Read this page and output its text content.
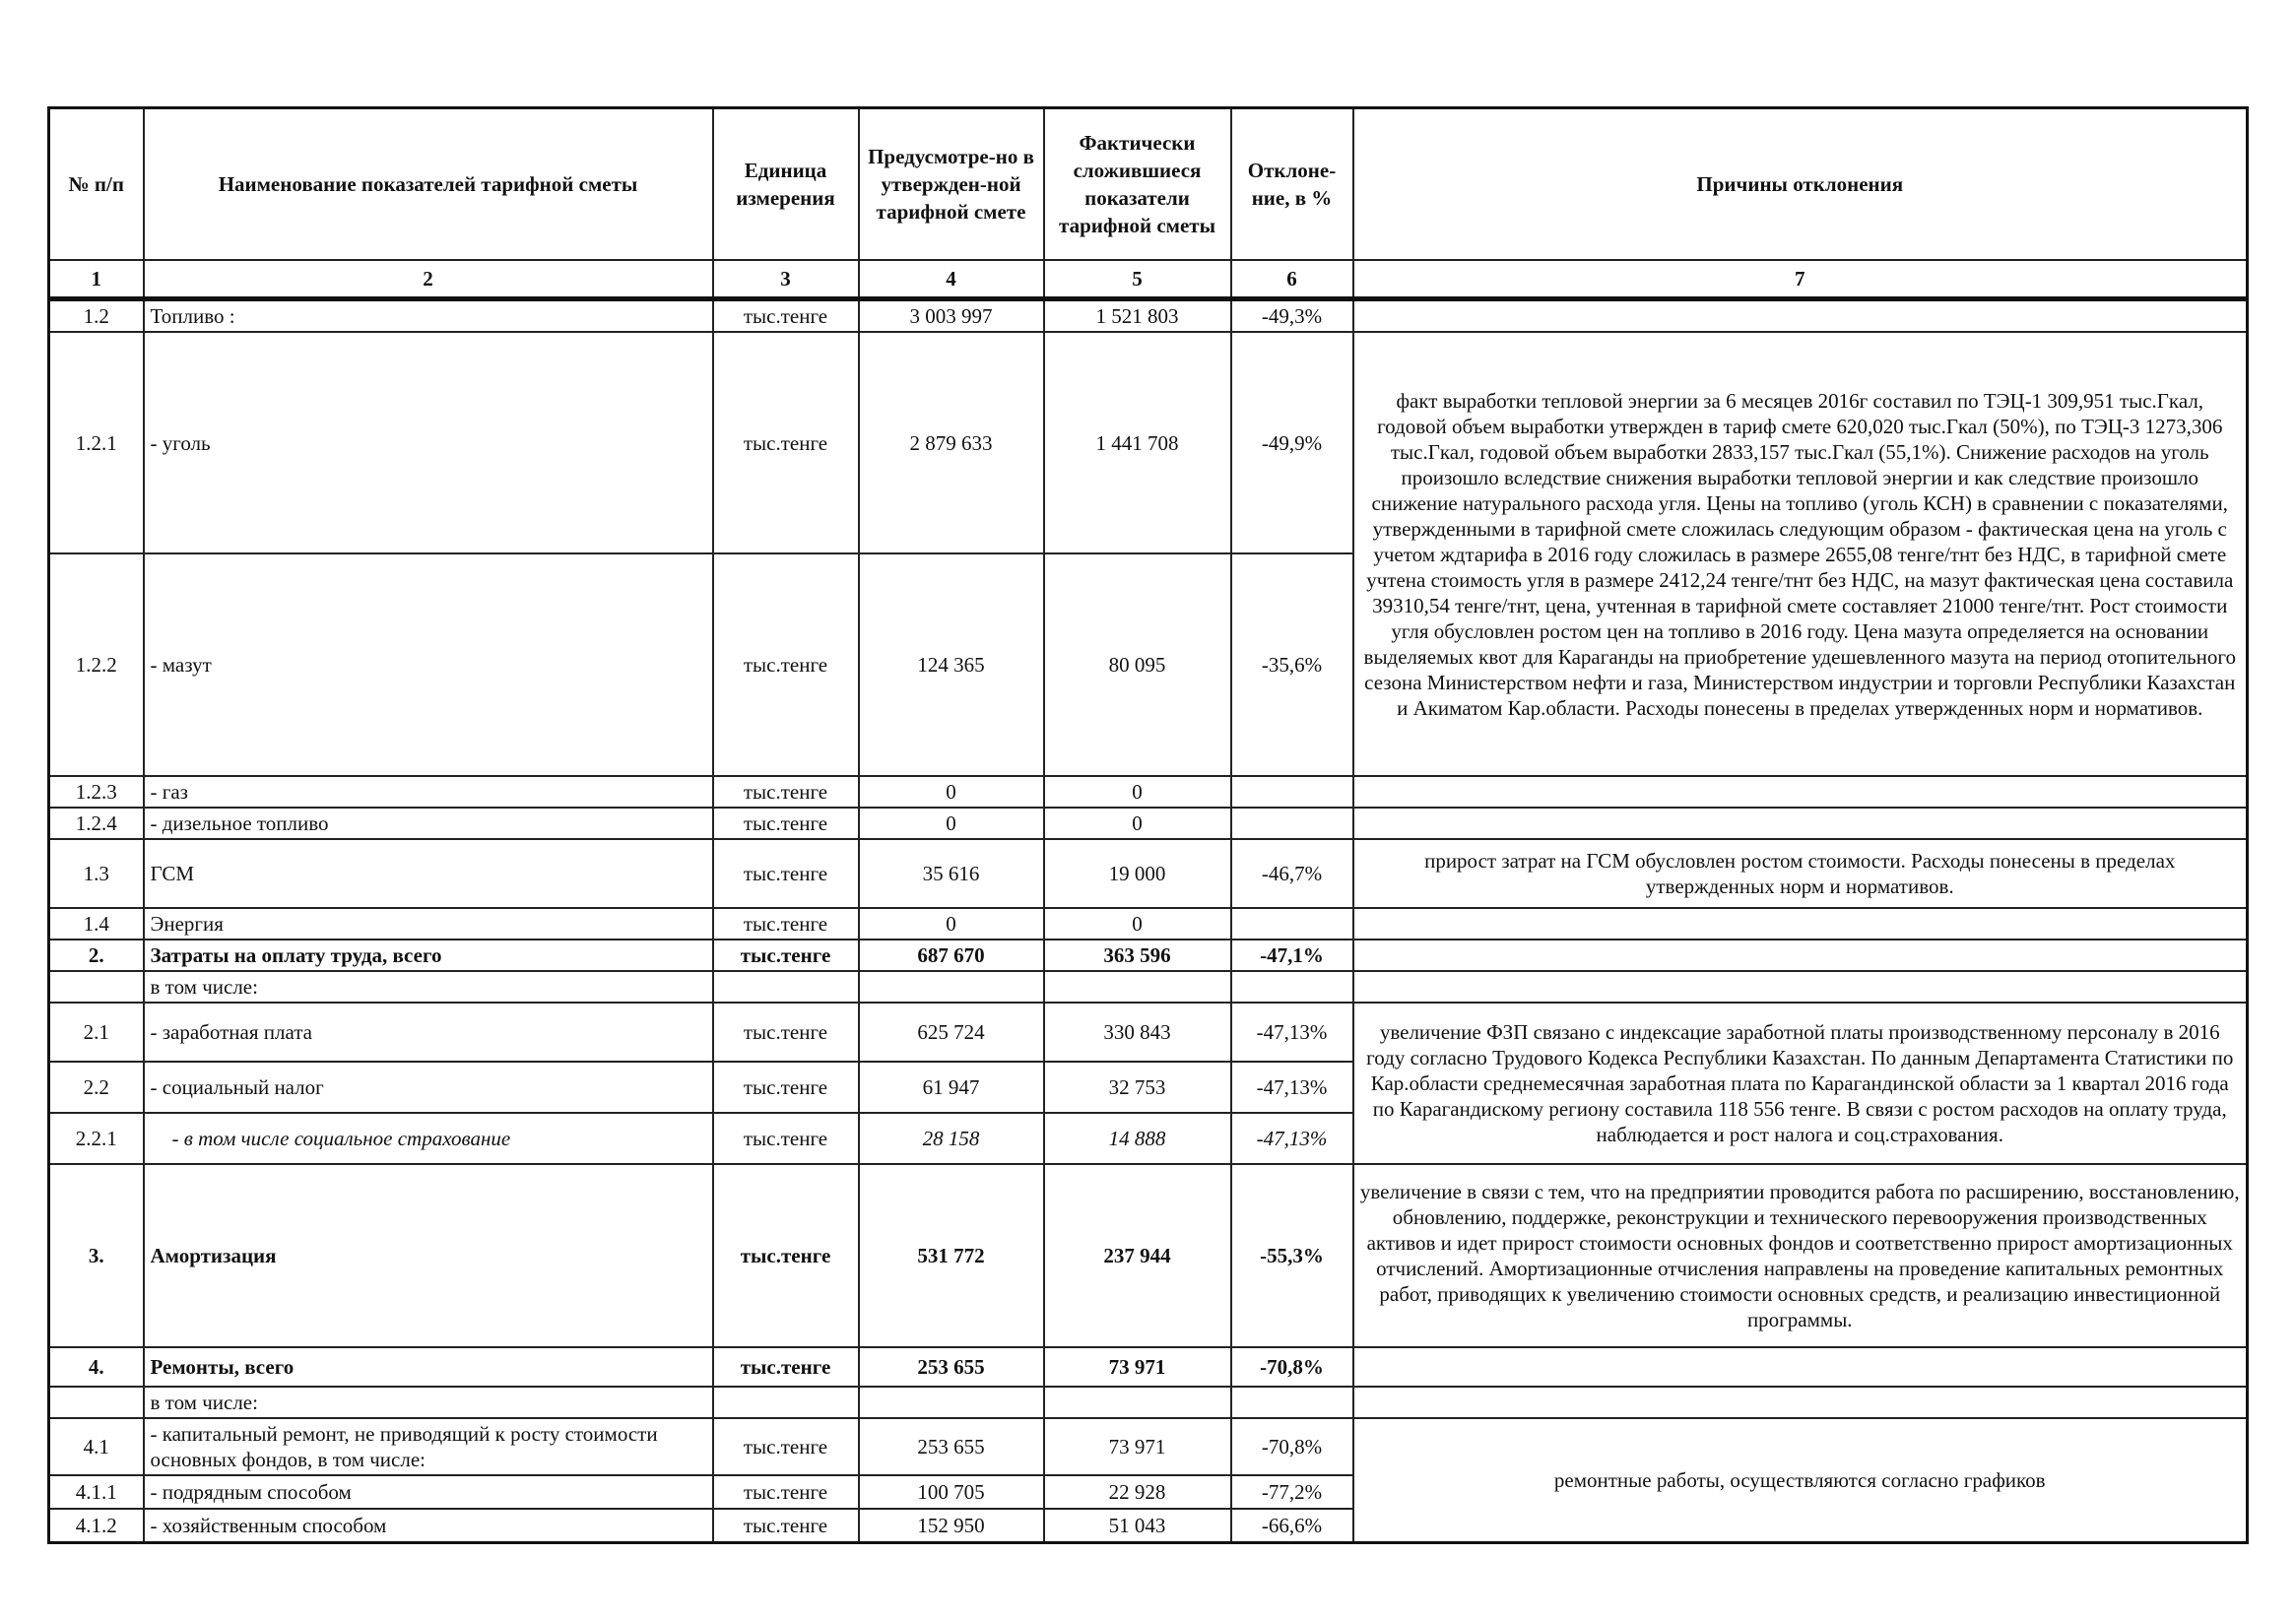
№ п/п	Наименование показателей тарифной сметы	Единица измерения	Предусмотре-но в утвержден-ной тарифной смете	Фактически сложившиеся показатели тарифной сметы	Отклоне-ние, в %	Причины отклонения
1	2	3	4	5	6	7
1.2	Топливо :	тыс.тенге	3 003 997	1 521 803	-49,3%	
1.2.1	- уголь	тыс.тенге	2 879 633	1 441 708	-49,9%	факт выработки тепловой энергии за 6 месяцев 2016г составил по ТЭЦ-1 309,951 тыс.Гкал, годовой объем выработки утвержден в тариф смете 620,020 тыс.Гкал (50%), по ТЭЦ-3 1273,306 тыс.Гкал, годовой объем выработки 2833,157 тыс.Гкал (55,1%). Снижение расходов на уголь произошло вследствие снижения выработки тепловой энергии и как следствие произошло снижение натурального расхода угля. Цены на топливо (уголь КСН) в сравнении с показателями, утвержденными в тарифной смете сложилась следующим образом - фактическая цена на уголь с учетом ждтарифа в 2016 году сложилась в размере 2655,08 тенге/тнт без НДС, в тарифной смете учтена стоимость угля в размере 2412,24 тенге/тнт без НДС, на мазут фактическая цена составила 39310,54 тенге/тнт, цена, учтенная в тарифной смете составляет 21000 тенге/тнт. Рост стоимости угля обусловлен ростом цен на топливо в 2016 году. Цена мазута определяется на основании выделяемых квот для Караганды на приобретение удешевленного мазута на период отопительного сезона Министерством нефти и газа, Министерством индустрии и торговли Республики Казахстан и Акиматом Кар.области. Расходы понесены в пределах утвержденных норм и нормативов.
1.2.2	- мазут	тыс.тенге	124 365	80 095	-35,6%	
1.2.3	- газ	тыс.тенге	0	0		
1.2.4	- дизельное топливо	тыс.тенге	0	0		
1.3	ГСМ	тыс.тенге	35 616	19 000	-46,7%	прирост затрат на ГСМ обусловлен ростом стоимости. Расходы понесены в пределах утвержденных норм и нормативов.
1.4	Энергия	тыс.тенге	0	0		
2.	Затраты на оплату труда, всего	тыс.тенге	687 670	363 596	-47,1%	
	в том числе:					
2.1	- заработная плата	тыс.тенге	625 724	330 843	-47,13%	увеличение ФЗП связано с индексацие заработной платы производственному персоналу в 2016 году согласно Трудового Кодекса Республики Казахстан. По данным Департамента Статистики по Кар.области среднемесячная заработная плата по Карагандинской области за 1 квартал 2016 года по Карагандискому региону составила 118 556 тенге. В связи с ростом расходов на оплату труда, наблюдается и рост налога и соц.страхования.
2.2	- социальный налог	тыс.тенге	61 947	32 753	-47,13%	
2.2.1	- в том числе социальное страхование	тыс.тенге	28 158	14 888	-47,13%	
3.	Амортизация	тыс.тенге	531 772	237 944	-55,3%	увеличение в связи с тем, что на предприятии проводится работа по расширению, восстановлению, обновлению, поддержке, реконструкции и технического перевооружения производственных активов и идет прирост стоимости основных фондов и соответственно прирост амортизационных отчислений. Амортизационные отчисления направлены на проведение капитальных ремонтных работ, приводящих к увеличению стоимости основных средств, и реализацию инвестиционной программы.
4.	Ремонты, всего	тыс.тенге	253 655	73 971	-70,8%	
	в том числе:					
4.1	- капитальный ремонт, не приводящий к росту стоимости основных фондов, в том числе:	тыс.тенге	253 655	73 971	-70,8%	ремонтные работы, осуществляются согласно графиков
4.1.1	- подрядным способом	тыс.тенге	100 705	22 928	-77,2%	
4.1.2	- хозяйственным способом	тыс.тенге	152 950	51 043	-66,6%	
